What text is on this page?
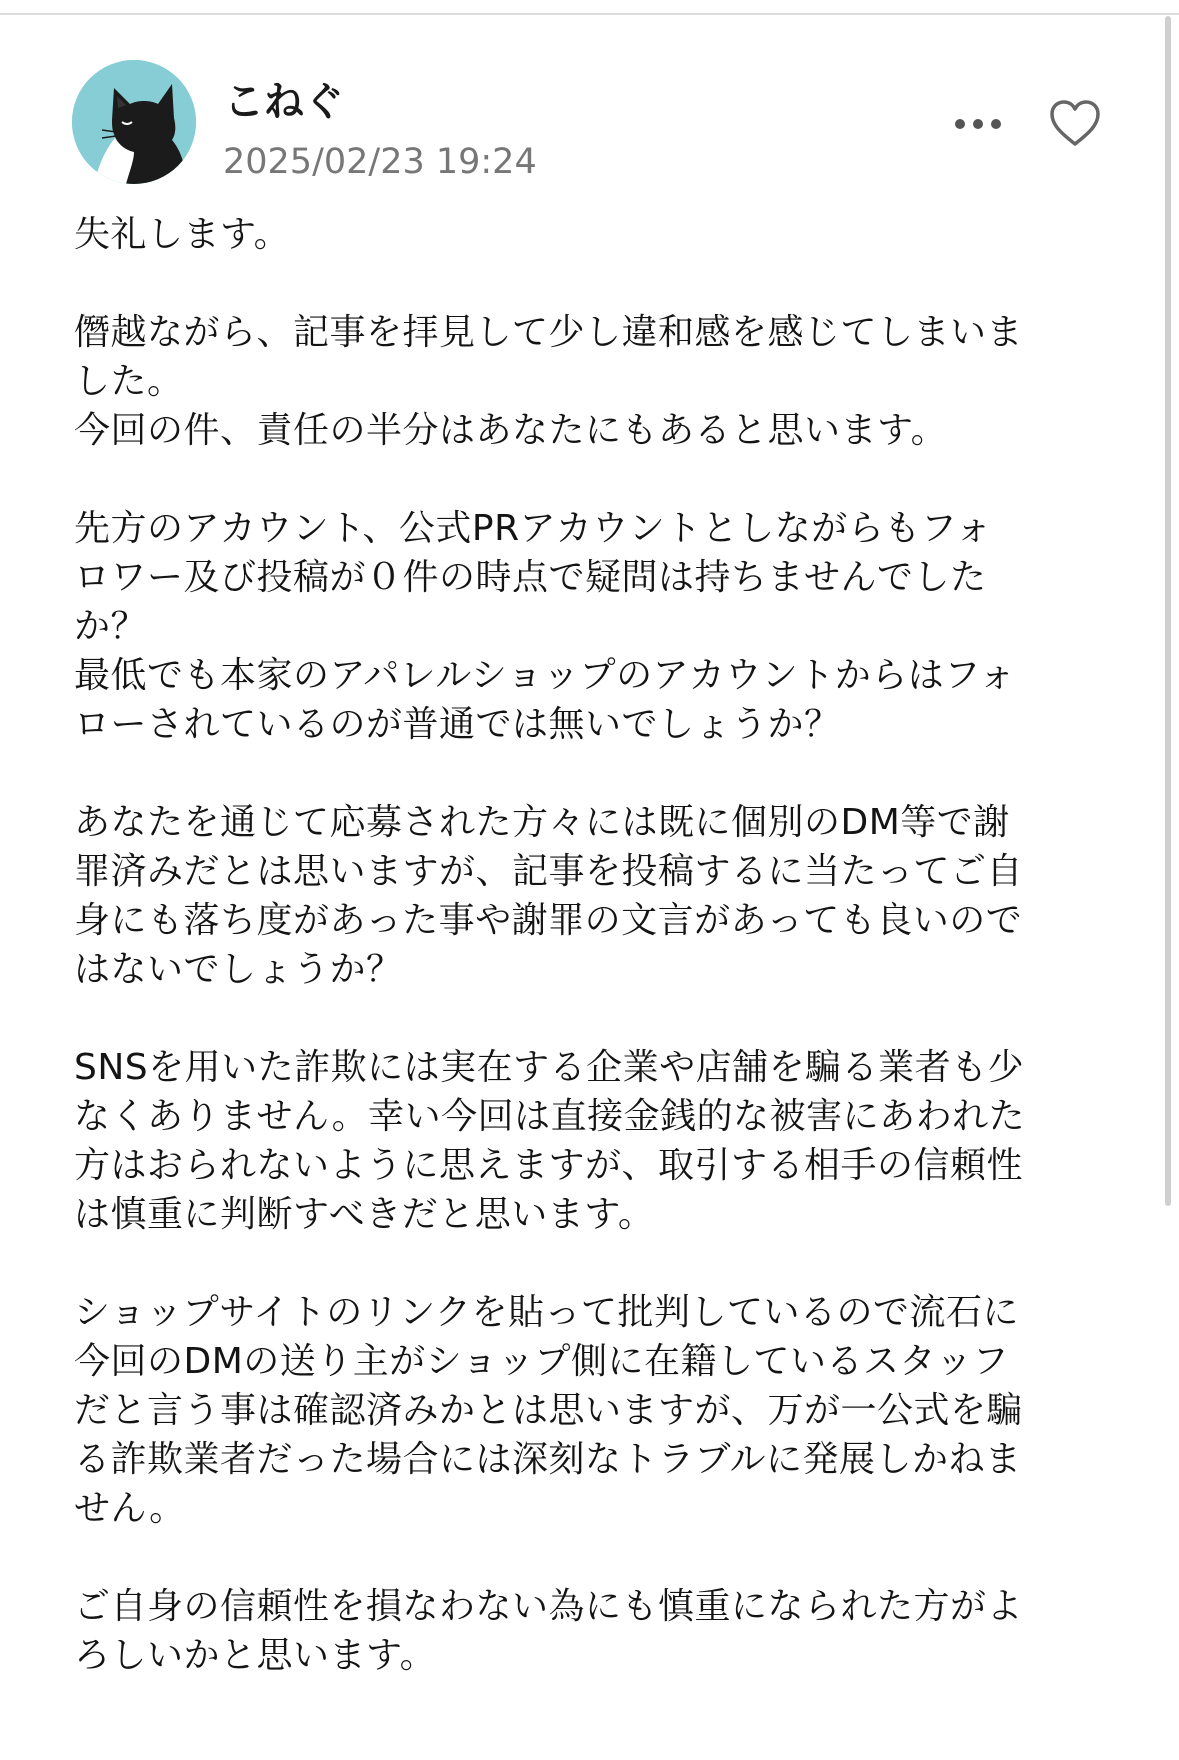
こねぐ
2025/02/23 19:24
失礼します。
僭越ながら、記事を拝見して少し違和感を感じてしまいま
した。
今回の件、責任の半分はあなたにもあると思います。
先方のアカウント、公式PRアカウントとしながらもフォ
ロワー及び投稿が０件の時点で疑問は持ちませんでした
か？
最低でも本家のアパレルショップのアカウントからはフォ
ローされているのが普通では無いでしょうか？
あなたを通じて応募された方々には既に個別のDM等で謝
罪済みだとは思いますが、記事を投稿するに当たってご自
身にも落ち度があった事や謝罪の文言があっても良いので
はないでしょうか？
SNSを用いた詐欺には実在する企業や店舗を騙る業者も少
なくありません。幸い今回は直接金銭的な被害にあわれた
方はおられないように思えますが、取引する相手の信頼性
は慎重に判断すべきだと思います。
ショップサイトのリンクを貼って批判しているので流石に
今回のDMの送り主がショップ側に在籍しているスタッフ
だと言う事は確認済みかとは思いますが、万が一公式を騙
る詐欺業者だった場合には深刻なトラブルに発展しかねま
せん。
ご自身の信頼性を損なわない為にも慎重になられた方がよ
ろしいかと思います。
